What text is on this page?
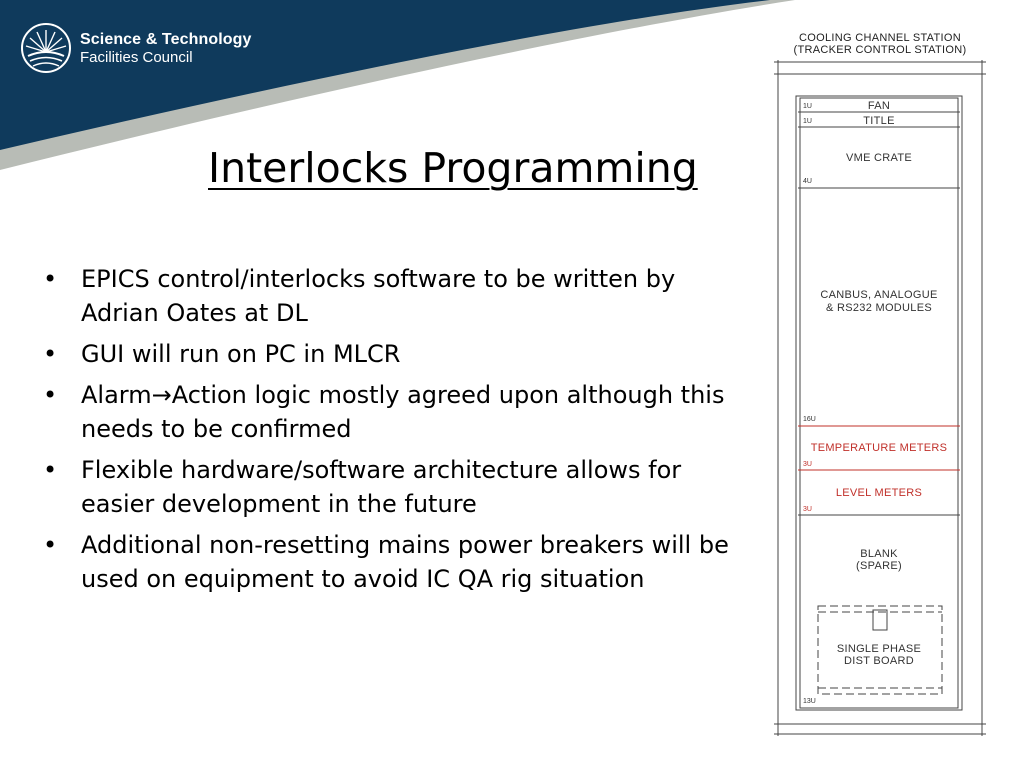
Science & Technology
Facilities Council
Interlocks Programming
• EPICS control/interlocks software to be written by Adrian Oates at DL
• GUI will run on PC in MLCR
• Alarm→Action logic mostly agreed upon although this needs to be confirmed
• Flexible hardware/software architecture allows for easier development in the future
• Additional non-resetting mains power breakers will be used on equipment to avoid IC QA rig situation
COOLING CHANNEL STATION
(TRACKER CONTROL STATION)
1U
1U
4U
16U
3U
3U
13U
FAN
TITLE
VME CRATE
CANBUS, ANALOGUE
& RS232 MODULES
TEMPERATURE METERS
LEVEL METERS
BLANK
(SPARE)
SINGLE PHASE
DIST BOARD
